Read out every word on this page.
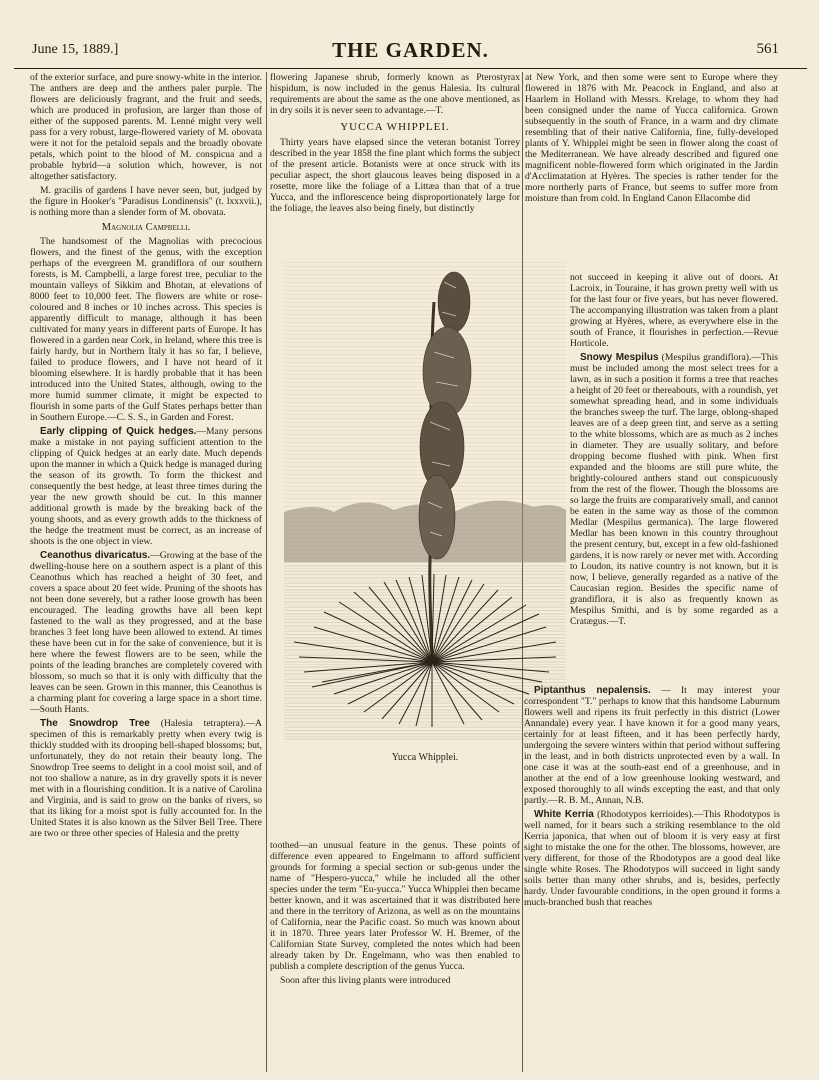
June 15, 1889.]	THE GARDEN.	561

of the exterior surface, and pure snowy-white in the interior. The anthers are deep and the anthers paler purple. The flowers are deliciously fragrant, and the fruit and seeds, which are produced in profusion, are larger than those of either of the supposed parents. M. Lenné might very well pass for a very robust, large-flowered variety of M. obovata were it not for the petaloid sepals and the broadly obovate petals, which point to the blood of M. conspicua and a probable hybrid—a solution which, however, is not altogether satisfactory.

M. gracilis of gardens I have never seen, but, judged by the figure in Hooker's "Paradisus Londinensis" (t. lxxxvii.), is nothing more than a slender form of M. obovata.

Magnolia Campbelli.

The handsomest of the Magnolias with precocious flowers, and the finest of the genus, with the exception perhaps of the evergreen M. grandiflora of our southern forests, is M. Campbelli, a large forest tree, peculiar to the mountain valleys of Sikkim and Bhotan, at elevations of 8000 feet to 10,000 feet. The flowers are white or rose-coloured and 8 inches or 10 inches across. This species is apparently difficult to manage, although it has been cultivated for many years in different parts of Europe. It has flowered in a garden near Cork, in Ireland, where this tree is fairly hardy, but in Northern Italy it has so far, I believe, failed to produce flowers, and I have not heard of it blooming elsewhere. It is hardly probable that it has been introduced into the United States, although, owing to the more humid summer climate, it might be expected to flourish in some parts of the Gulf States perhaps better than in Southern Europe.—C. S. S., in Garden and Forest.

Early clipping of Quick hedges.—Many persons make a mistake in not paying sufficient attention to the clipping of Quick hedges at an early date. Much depends upon the manner in which a Quick hedge is managed during the season of its growth. To form the thickest and consequently the best hedge, at least three times during the year the new growth should be cut. In this manner additional growth is made by the breaking back of the young shoots, and as every growth adds to the thickness of the hedge the treatment must be correct, as an increase of shoots is the one object in view.

Ceanothus divaricatus.—Growing at the base of the dwelling-house here on a southern aspect is a plant of this Ceanothus which has reached a height of 30 feet, and covers a space about 20 feet wide. Pruning of the shoots has not been done severely, but a rather loose growth has been encouraged. The leading growths have all been kept fastened to the wall as they progressed, and at the base branches 3 feet long have been allowed to extend. At times these have been cut in for the sake of convenience, but it is here where the fewest flowers are to be seen, while the points of the leading branches are completely covered with blossom, so much so that it is only with difficulty that the leaves can be seen. Grown in this manner, this Ceanothus is a charming plant for covering a large space in a short time.—South Hants.

The Snowdrop Tree (Halesia tetraptera).—A specimen of this is remarkably pretty when every twig is thickly studded with its drooping bell-shaped blossoms; but, unfortunately, they do not retain their beauty long. The Snowdrop Tree seems to delight in a cool moist soil, and of not too shallow a nature, as in dry gravelly spots it is never met with in a flourishing condition. It is a native of Carolina and Virginia, and is said to grow on the banks of rivers, so that its liking for a moist spot is fully accounted for. In the United States it is also known as the Silver Bell Tree. There are two or three other species of Halesia and the pretty

flowering Japanese shrub, formerly known as Pterostyrax hispidum, is now included in the genus Halesia. Its cultural requirements are about the same as the one above mentioned, as in dry soils it is never seen to advantage.—T.

YUCCA WHIPPLEI.

Thirty years have elapsed since the veteran botanist Torrey described in the year 1858 the fine plant which forms the subject of the present article. Botanists were at once struck with its peculiar aspect, the short glaucous leaves being disposed in a rosette, more like the foliage of a Littæa than that of a true Yucca, and the inflorescence being disproportionately large for the foliage, the leaves also being finely, but distinctly

Yucca Whipplei.

toothed—an unusual feature in the genus. These points of difference even appeared to Engelmann to afford sufficient grounds for forming a special section or sub-genus under the name of "Hesperо-yucca," while he included all the other species under the term "Eu-yucca." Yucca Whipplei then became better known, and it was ascertained that it was distributed here and there in the territory of Arizona, as well as on the mountains of California, near the Pacific coast. So much was known about it in 1870. Three years later Professor W. H. Bremer, of the Californian State Survey, completed the notes which had been already taken by Dr. Engelmann, who was then enabled to publish a complete description of the genus Yucca.

Soon after this living plants were introduced

at New York, and then some were sent to Europe where they flowered in 1876 with Mr. Peacock in England, and also at Haarlem in Holland with Messrs. Krelage, to whom they had been consigned under the name of Yucca californica. Grown subsequently in the south of France, in a warm and dry climate resembling that of their native California, fine, fully-developed plants of Y. Whipplei might be seen in flower along the coast of the Mediterranean. We have already described and figured one magnificent noble-flowered form which originated in the Jardin d'Acclimatation at Hyères. The species is rather tender for the more northerly parts of France, but seems to suffer more from moisture than from cold. In England Canon Ellacombe did

not succeed in keeping it alive out of doors. At Lacroix, in Touraine, it has grown pretty well with us for the last four or five years, but has never flowered. The accompanying illustration was taken from a plant growing at Hyères, where, as everywhere else in the south of France, it flourishes in perfection.—Revue Horticole.

Snowy Mespilus (Mespilus grandiflora).—This must be included among the most select trees for a lawn, as in such a position it forms a tree that reaches a height of 20 feet or thereabouts, with a roundish, yet somewhat spreading head, and in some individuals the branches sweep the turf. The large, oblong-shaped leaves are of a deep green tint, and serve as a setting to the white blossoms, which are as much as 2 inches in diameter. They are usually solitary, and before dropping become flushed with pink. When first expanded and the blooms are still pure white, the brightly-coloured anthers stand out conspicuously from the rest of the flower. Though the blossoms are so large the fruits are comparatively small, and cannot be eaten in the same way as those of the common Medlar (Mespilus germanica). The large flowered Medlar has been known in this country throughout the present century, but, except in a few old-fashioned gardens, it is now rarely or never met with. According to Loudon, its native country is not known, but it is now, I believe, generally regarded as a native of the Caucasian region. Besides the specific name of grandiflora, it is also as frequently known as Mespilus Smithi, and is by some regarded as a Cratægus.—T.

Piptanthus nepalensis. — It may interest your correspondent "T." perhaps to know that this handsome Laburnum flowers well and ripens its fruit perfectly in this district (Lower Annandale) every year. I have known it for a good many years, certainly for at least fifteen, and it has been perfectly hardy, undergoing the severe winters within that period without suffering in the least, and in both districts unprotected even by a wall. In one case it was at the south-east end of a greenhouse, and in another at the end of a low greenhouse looking westward, and exposed thoroughly to all winds excepting the east, and that only partly.—R. B. M., Annan, N.B.

White Kerria (Rhodotypos kerrioides).—This Rhodotypos is well named, for it bears such a striking resemblance to the old Kerria japonica, that when out of bloom it is very easy at first sight to mistake the one for the other. The blossoms, however, are very different, for those of the Rhodotypos are a good deal like single white Roses. The Rhodotypos will succeed in light sandy soils better than many other shrubs, and is, besides, perfectly hardy. Under favourable conditions, in the open ground it forms a much-branched bush that reaches
